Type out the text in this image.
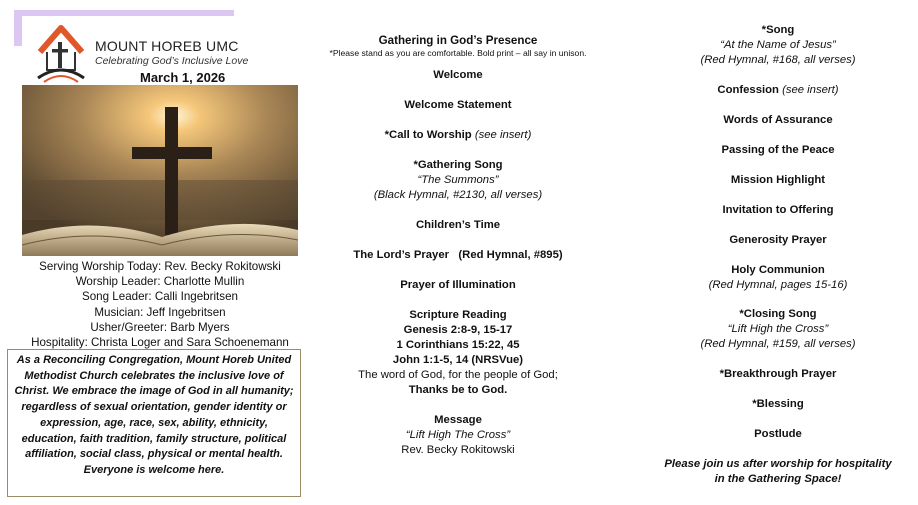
MOUNT HOREB UMC
Celebrating God’s Inclusive Love
March 1, 2026
Serving Worship Today: Rev. Becky Rokitowski
Worship Leader: Charlotte Mullin
Song Leader: Calli Ingebritsen
Musician: Jeff Ingebritsen
Usher/Greeter: Barb Myers
Hospitality: Christa Loger and Sara Schoenemann
As a Reconciling Congregation, Mount Horeb United Methodist Church celebrates the inclusive love of Christ. We embrace the image of God in all humanity; regardless of sexual orientation, gender identity or expression, age, race, sex, ability, ethnicity, education, faith tradition, family structure, political affiliation, social class, physical or mental health. Everyone is welcome here.
Gathering in God’s Presence
*Please stand as you are comfortable. Bold print – all say in unison.
Welcome
Welcome Statement
*Call to Worship (see insert)
*Gathering Song
“The Summons”
(Black Hymnal, #2130, all verses)
Children’s Time
The Lord’s Prayer   (Red Hymnal, #895)
Prayer of Illumination
Scripture Reading
Genesis 2:8-9, 15-17
1 Corinthians 15:22, 45
John 1:1-5, 14 (NRSVue)
The word of God, for the people of God;
Thanks be to God.
Message
“Lift High The Cross”
Rev. Becky Rokitowski
*Song
“At the Name of Jesus”
(Red Hymnal, #168, all verses)
Confession (see insert)
Words of Assurance
Passing of the Peace
Mission Highlight
Invitation to Offering
Generosity Prayer
Holy Communion
(Red Hymnal, pages 15-16)
*Closing Song
“Lift High the Cross”
(Red Hymnal, #159, all verses)
*Breakthrough Prayer
*Blessing
Postlude
Please join us after worship for hospitality
in the Gathering Space!
